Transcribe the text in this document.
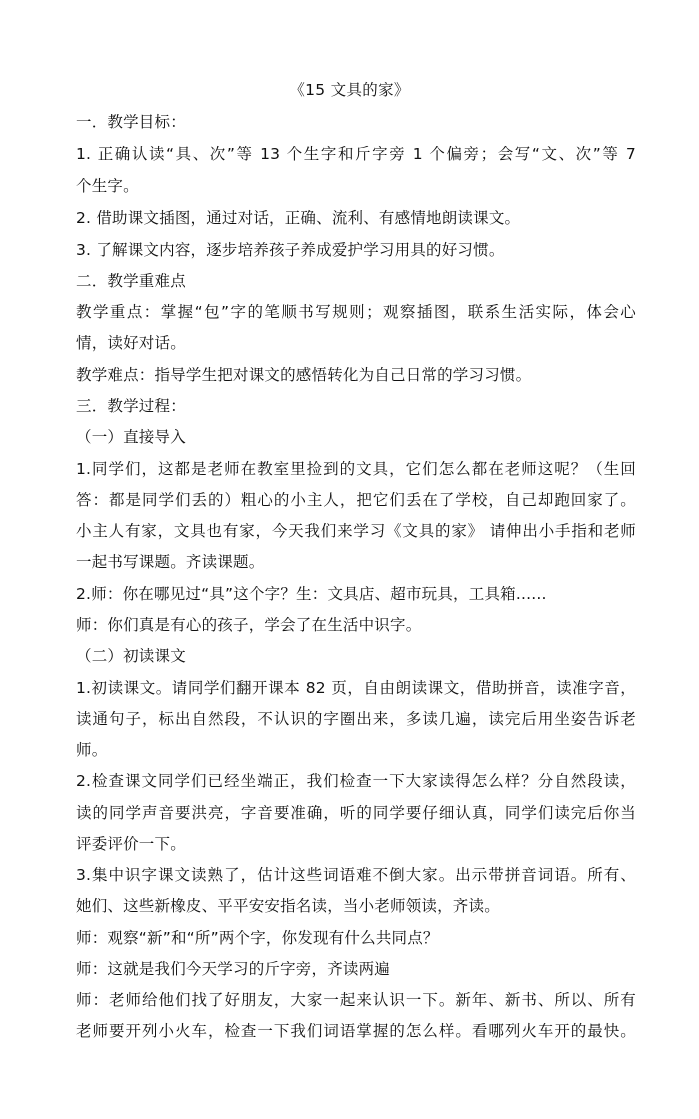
《15 文具的家》
一．教学目标：
1. 正确认读“具、次”等 13 个生字和斤字旁 1 个偏旁；会写“文、次”等 7
个生字。
2. 借助课文插图，通过对话，正确、流利、有感情地朗读课文。
3. 了解课文内容，逐步培养孩子养成爱护学习用具的好习惯。
二．教学重难点
教学重点：掌握“包”字的笔顺书写规则；观察插图，联系生活实际，体会心
情，读好对话。
教学难点：指导学生把对课文的感悟转化为自己日常的学习习惯。
三．教学过程：
（一）直接导入
1.同学们，这都是老师在教室里捡到的文具，它们怎么都在老师这呢？（生回
答：都是同学们丢的）粗心的小主人，把它们丢在了学校，自己却跑回家了。
小主人有家，文具也有家，今天我们来学习《文具的家》 请伸出小手指和老师
一起书写课题。齐读课题。
2.师：你在哪见过“具”这个字？生：文具店、超市玩具，工具箱......
师：你们真是有心的孩子，学会了在生活中识字。
（二）初读课文
1.初读课文。请同学们翻开课本 82 页，自由朗读课文，借助拼音，读准字音，
读通句子，标出自然段，不认识的字圈出来，多读几遍，读完后用坐姿告诉老
师。
2.检查课文同学们已经坐端正，我们检查一下大家读得怎么样？分自然段读，
读的同学声音要洪亮，字音要准确，听的同学要仔细认真，同学们读完后你当
评委评价一下。
3.集中识字课文读熟了，估计这些词语难不倒大家。出示带拼音词语。所有、
她们、这些新橡皮、平平安安指名读，当小老师领读，齐读。
师：观察“新”和“所”两个字，你发现有什么共同点？
师：这就是我们今天学习的斤字旁，齐读两遍
师：老师给他们找了好朋友，大家一起来认识一下。新年、新书、所以、所有
老师要开列小火车，检查一下我们词语掌握的怎么样。看哪列火车开的最快。
